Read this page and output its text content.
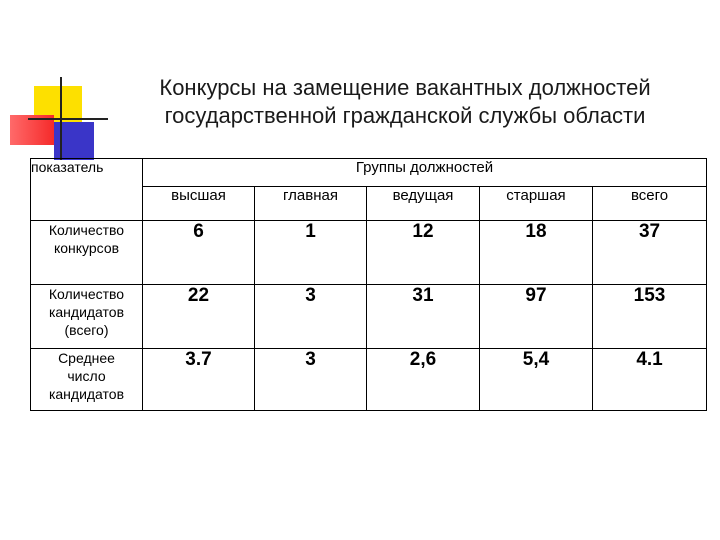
Конкурсы на замещение вакантных должностей
государственной гражданской службы области
показатель	Группы должностей				
	высшая	главная	ведущая	старшая	всего

Количество
конкурсов	6	1	12	18	37

Количество
кандидатов
(всего)	22	3	31	97	153

Среднее
число
кандидатов	3.7	3	2,6	5,4	4.1
